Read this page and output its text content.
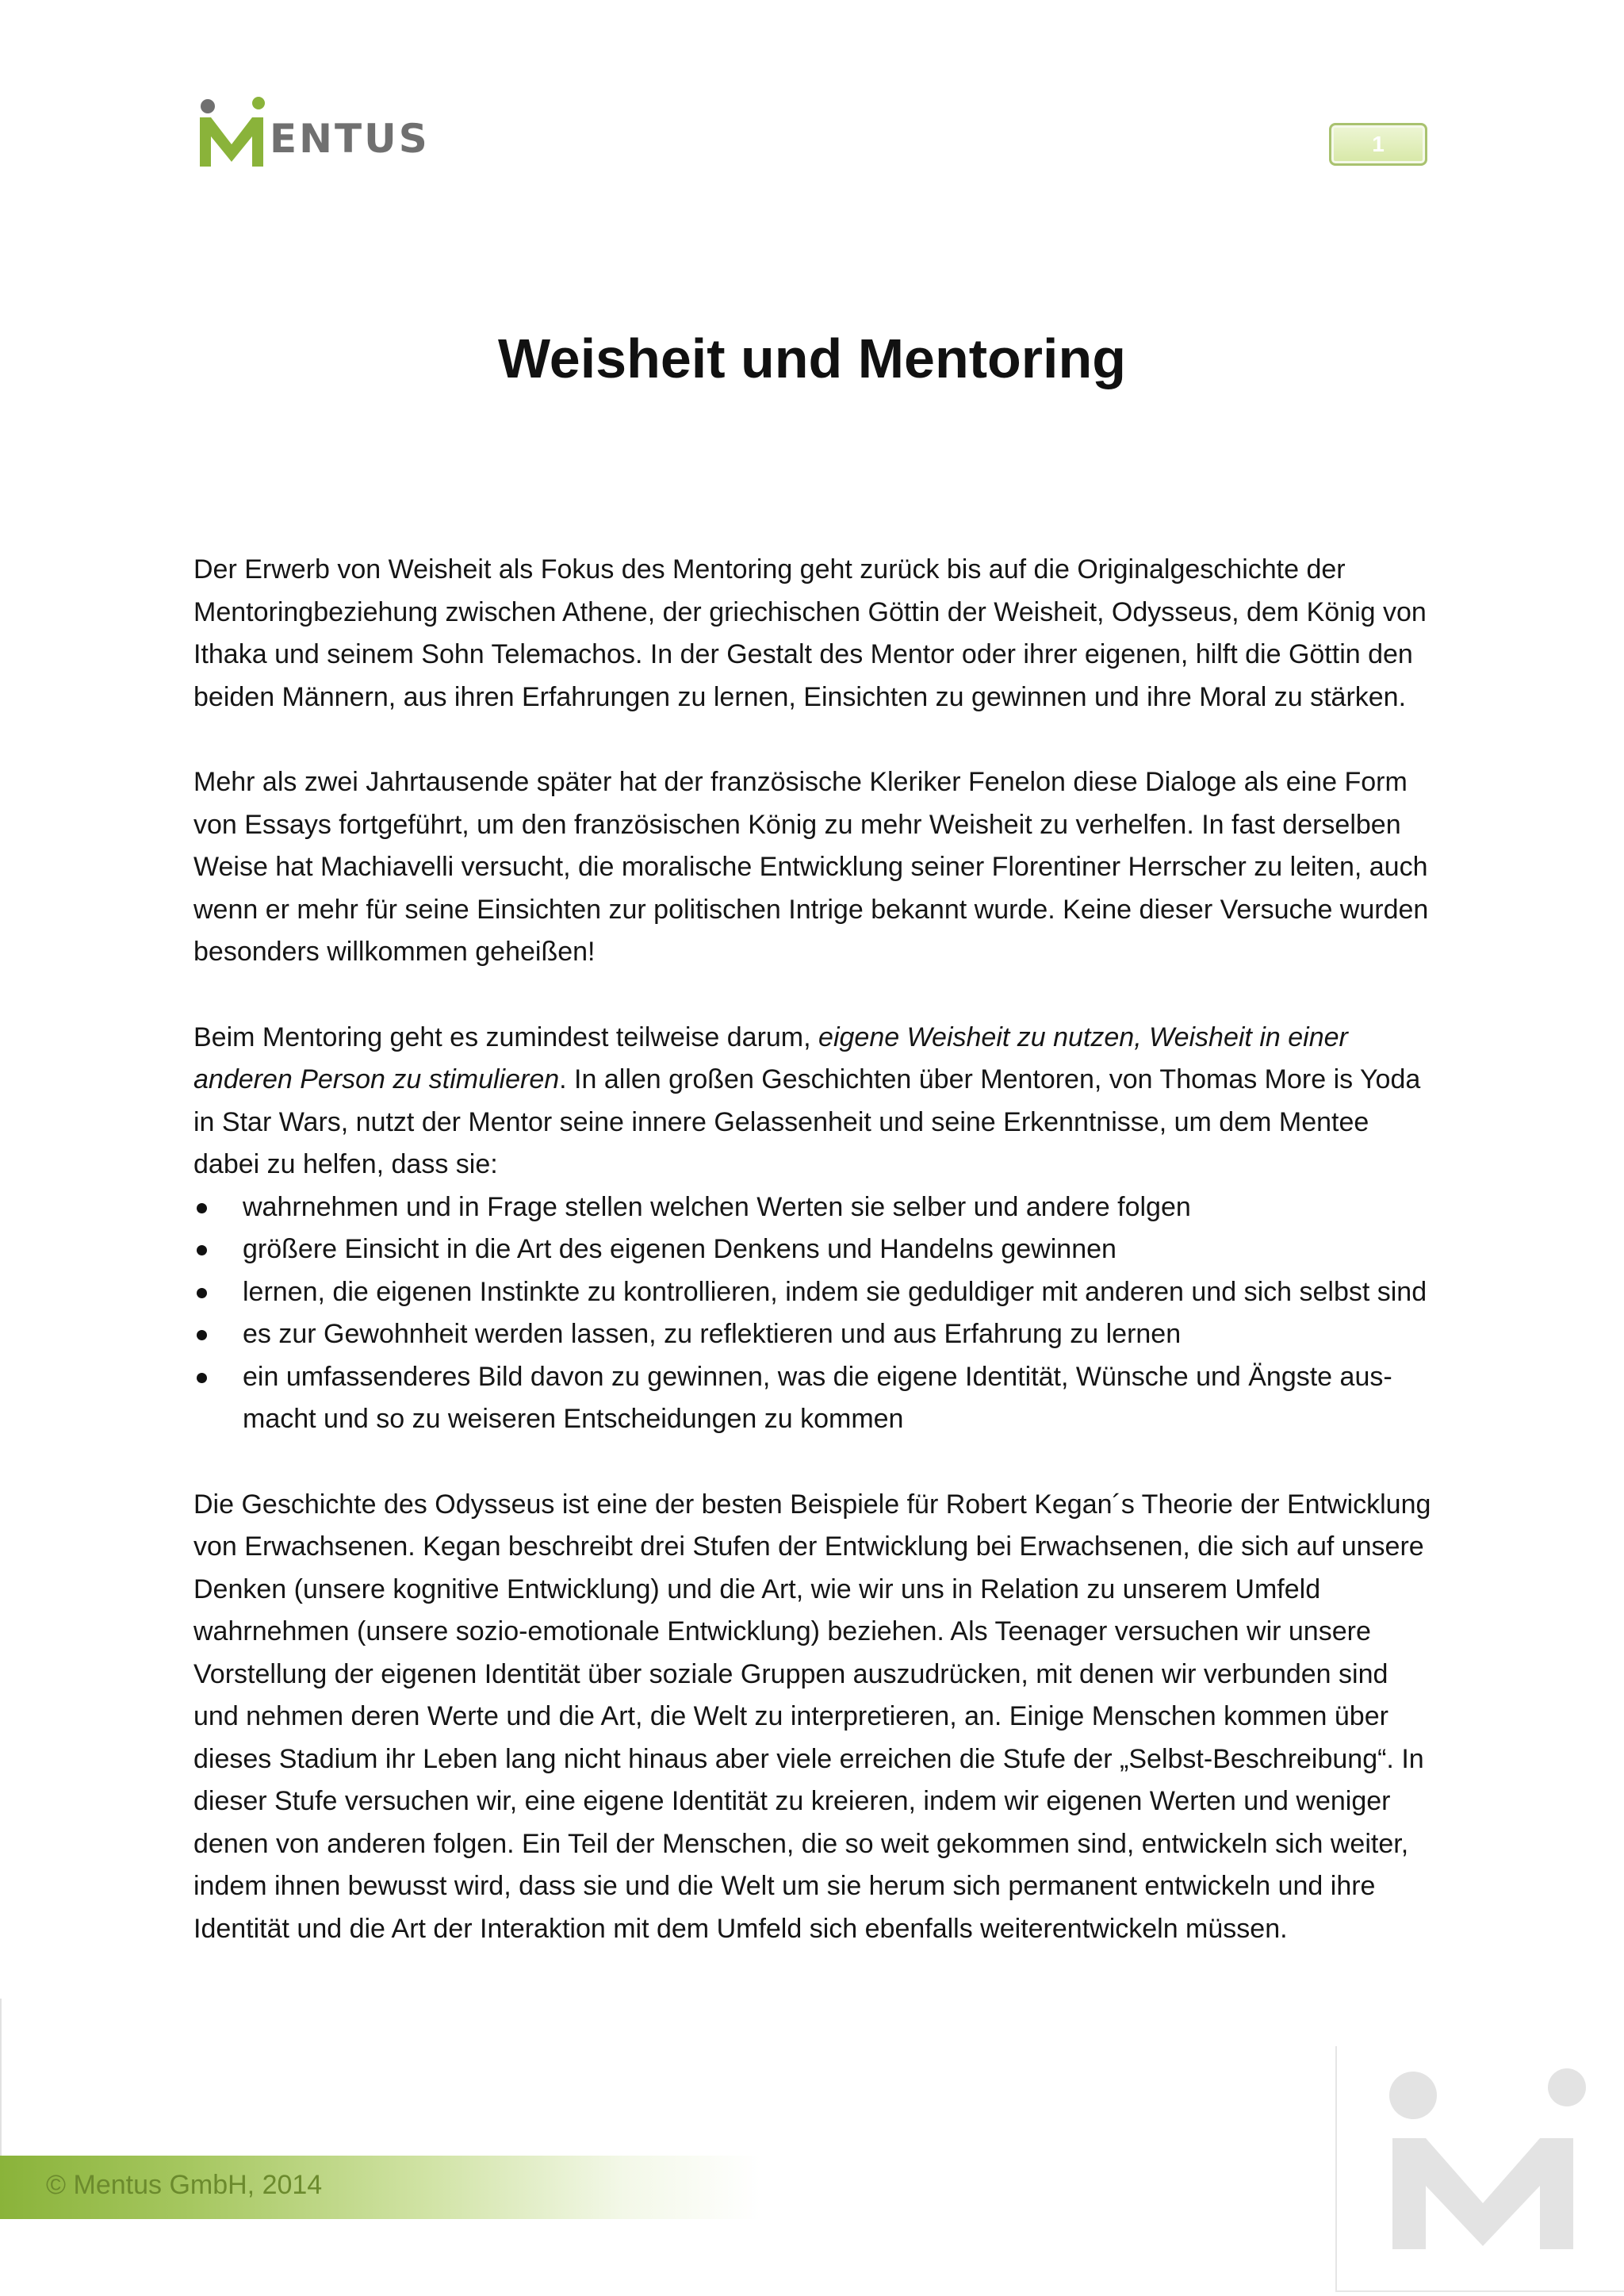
ENTUS	1
Weisheit und Mentoring

Der Erwerb von Weisheit als Fokus des Mentoring geht zurück bis auf die Originalgeschichte der Mentoringbeziehung zwischen Athene, der griechischen Göttin der Weisheit, Odysseus, dem König von Ithaka und seinem Sohn Telemachos. In der Gestalt des Mentor oder ihrer eigenen, hilft die Göttin den beiden Männern, aus ihren Erfahrungen zu lernen, Einsichten zu gewinnen und ihre Moral zu stärken.

Mehr als zwei Jahrtausende später hat der französische Kleriker Fenelon diese Dialoge als eine Form von Essays fortgeführt, um den französischen König zu mehr Weisheit zu verhelfen. In fast derselben Weise hat Machiavelli versucht, die moralische Entwicklung seiner Florentiner Herrscher zu leiten, auch wenn er mehr für seine Einsichten zur politischen Intrige bekannt wurde. Keine dieser Versuche wurden besonders willkommen geheißen!

Beim Mentoring geht es zumindest teilweise darum, eigene Weisheit zu nutzen, Weisheit in einer anderen Person zu stimulieren. In allen großen Geschichten über Mentoren, von Thomas More is Yoda in Star Wars, nutzt der Mentor seine innere Gelassenheit und seine Erkenntnisse, um dem Mentee dabei zu helfen, dass sie:

wahrnehmen und in Frage stellen welchen Werten sie selber und andere folgen
größere Einsicht in die Art des eigenen Denkens und Handelns gewinnen
lernen, die eigenen Instinkte zu kontrollieren, indem sie geduldiger mit anderen und sich selbst sind
es zur Gewohnheit werden lassen, zu reflektieren und aus Erfahrung zu lernen
ein umfassenderes Bild davon zu gewinnen, was die eigene Identität, Wünsche und Ängste ausmacht und so zu weiseren Entscheidungen zu kommen

Die Geschichte des Odysseus ist eine der besten Beispiele für Robert Kegan´s Theorie der Entwicklung von Erwachsenen. Kegan beschreibt drei Stufen der Entwicklung bei Erwachsenen, die sich auf unsere Denken (unsere kognitive Entwicklung) und die Art, wie wir uns in Relation zu unserem Umfeld wahrnehmen (unsere sozio-emotionale Entwicklung) beziehen. Als Teenager versuchen wir unsere Vorstellung der eigenen Identität über soziale Gruppen auszudrücken, mit denen wir verbunden sind und nehmen deren Werte und die Art, die Welt zu interpretieren, an. Einige Menschen kommen über dieses Stadium ihr Leben lang nicht hinaus aber viele erreichen die Stufe der „Selbst-Beschreibung“. In dieser Stufe versuchen wir, eine eigene Identität zu kreieren, indem wir eigenen Werten und weniger denen von anderen folgen. Ein Teil der Menschen, die so weit gekommen sind, entwickeln sich weiter, indem ihnen bewusst wird, dass sie und die Welt um sie herum sich permanent entwickeln und ihre Identität und die Art der Interaktion mit dem Umfeld sich ebenfalls weiterentwickeln müssen.

© Mentus GmbH, 2014
